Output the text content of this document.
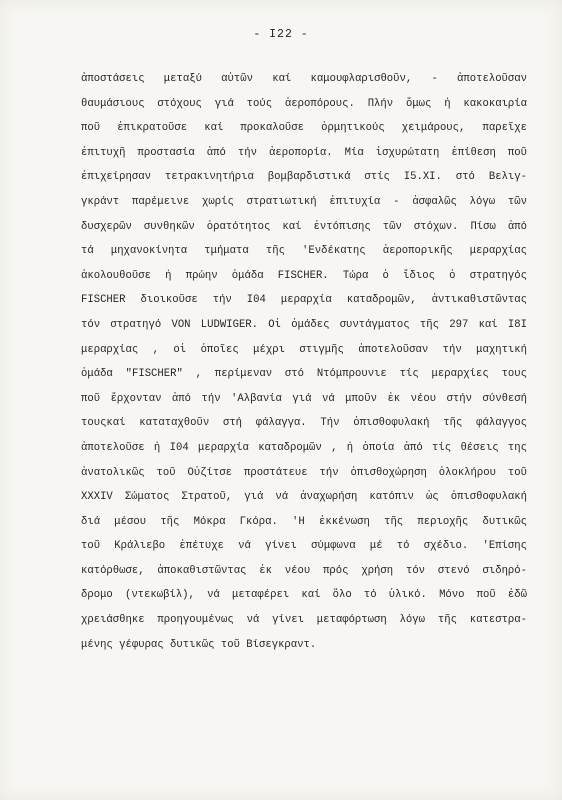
- I22 -
ἀποστάσεις μεταξύ αὐτῶν καί καμουφλαρισθοῦν, - ἀποτελοῦσαν
θαυμάσιους στόχους γιά τούς ἀεροπόρους. Πλήν ὅμως ἡ κακοκαιρία
ποῦ ἐπικρατοῦσε καί προκαλοῦσε ὁρμητικούς χειμάρους, παρεῖχε
ἐπιτυχῆ προστασία ἀπό τήν ἀεροπορία. Μία ἰσχυρώτατη ἐπίθεση ποῦ
ἐπιχείρησαν τετρακινητήρια βομβαρδιστικά στίς I5.XI. στό Βελιγ-
γκράντ παρέμεινε χωρίς στρατιωτική ἐπιτυχία - ἀσφαλῶς λόγω τῶν
δυσχερῶν συνθηκῶν ὁρατότητος καί ἐντόπισης τῶν στόχων. Πίσω ἀπό
τά μηχανοκίνητα τμήματα τῆς 'Ενδέκατης ἀεροπορικῆς μεραρχίας
ἀκολουθοῦσε ἡ πρώην ὁμάδα FISCHER. Τώρα ὁ ἴδιος ὁ στρατηγός
FISCHER διοικοῦσε τήν I04 μεραρχία καταδρομῶν, ἀντικαθιστῶντας
τόν στρατηγό VON LUDWIGER. Οἱ ὁμάδες συντάγματος τῆς 297 καί I8I
μεραρχίας , οἱ ὁποῖες μέχρι στιγμῆς ἀποτελοῦσαν τήν μαχητική
ὁμάδα "FISCHER" , περίμεναν στό Ντόμπρουνιε τίς μεραρχίες τους
ποῦ ἔρχονταν ἀπό τήν 'Αλβανία γιά νά μποῦν ἐκ νέου στήν σύνθεσή
τουςκαί καταταχθοῦν στή φάλαγγα. Τήν ὀπισθοφυλακή τῆς φάλαγγος
ἀποτελοῦσε ἡ I04 μεραρχία καταδρομῶν , ἡ ὁποία ἀπό τίς θέσεις της
ἀνατολικῶς τοῦ Οὐζίτσε προστάτευε τήν ὀπισθοχώρηση ὁλοκλήρου τοῦ
XXXIV Σώματος Στρατοῦ, γιά νά ἀναχωρήση κατόπιν ὡς ὀπισθοφυλακή
διά μέσου τῆς Μόκρα Γκόρα. 'Η ἐκκένωση τῆς περιοχῆς δυτικῶς
τοῦ Κράλιεβο ἐπέτυχε νά γίνει σύμφωνα μέ τό σχέδιο. 'Επίσης
κατόρθωσε, ἀποκαθιστῶντας ἐκ νέου πρός χρήση τόν στενό σιδηρό-
δρομο (ντεκωβίλ), νά μεταφέρει καί ὅλο τό ὑλικό. Μόνο ποῦ ἐδῶ
χρειάσθηκε προηγουμένως νά γίνει μεταφόρτωση λόγω τῆς κατεστρα-
μένης γέφυρας δυτικῶς τοῦ Βίσεγκραντ.
